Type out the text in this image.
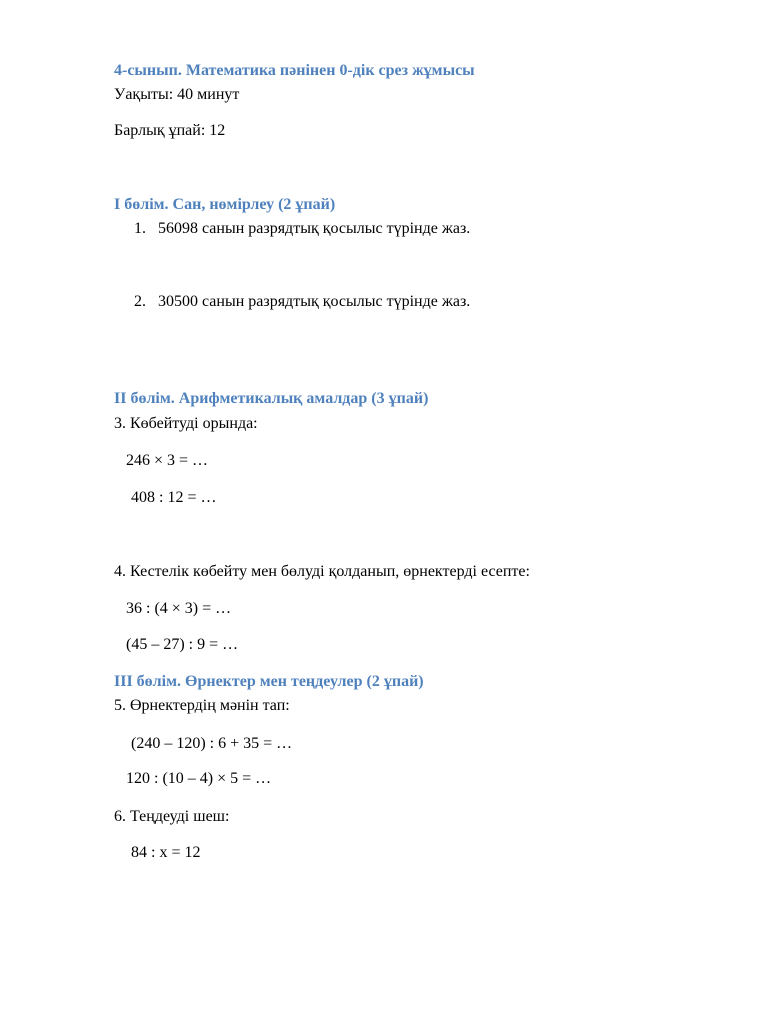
4-сынып. Математика пәнінен 0-дік срез жұмысы
Уақыты: 40 минут
Барлық ұпай: 12
I бөлім. Сан, нөмірлеу (2 ұпай)
1. 56098 санын разрядтық қосылыс түрінде жаз.
2. 30500 санын разрядтық қосылыс түрінде жаз.
II бөлім. Арифметикалық амалдар (3 ұпай)
3. Көбейтуді орында:
246 × 3 = …
408 : 12 = …
4. Кестелік көбейту мен бөлуді қолданып, өрнектерді есепте:
36 : (4 × 3) = …
(45 – 27) : 9 = …
III бөлім. Өрнектер мен теңдеулер (2 ұпай)
5. Өрнектердің мәнін тап:
(240 – 120) : 6 + 35 = …
120 : (10 – 4) × 5 = …
6. Теңдеуді шеш:
84 : x = 12
